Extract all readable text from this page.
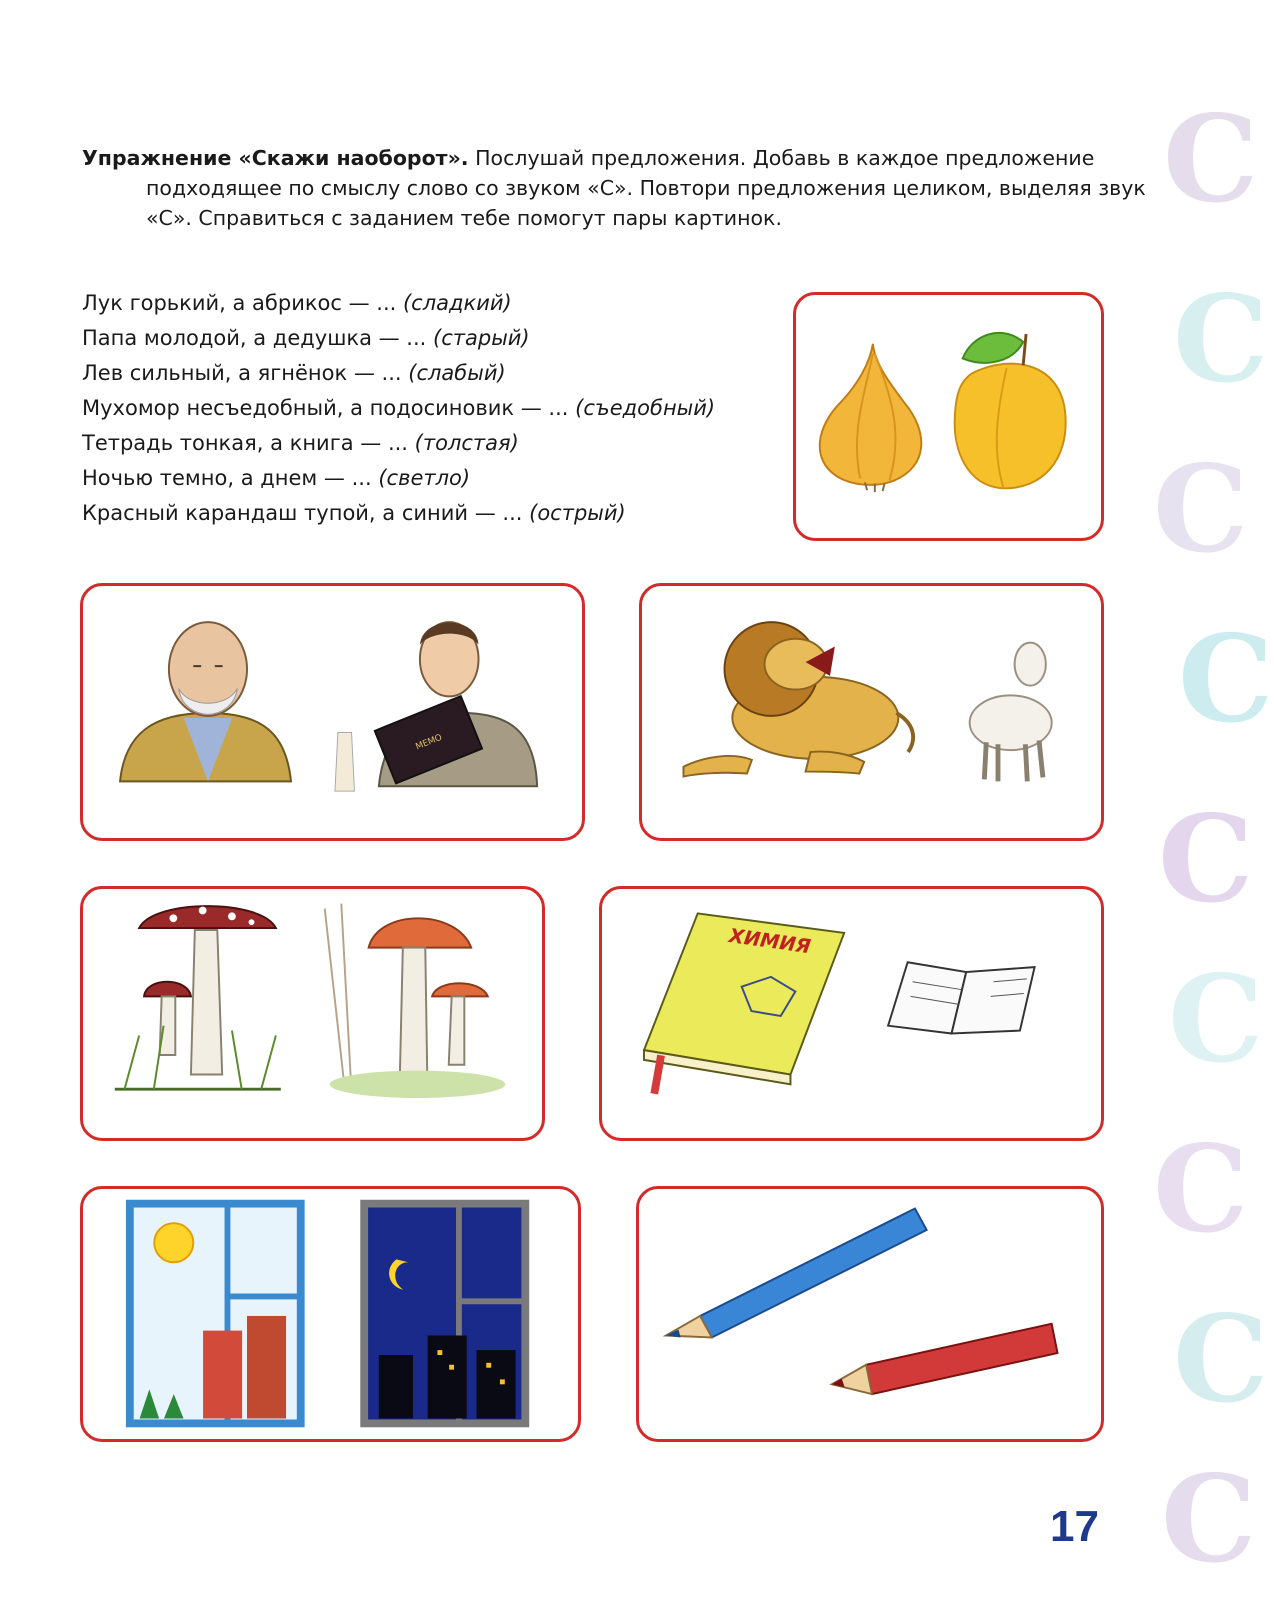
С
С
С
С
С
С
С
С
С
Упражнение «Скажи наоборот». Послушай предложения. Добавь в каждое предложение подходящее по смыслу слово со звуком «С». Повтори предложения целиком, выделяя звук «С». Справиться с заданием тебе помогут пары картинок.
Лук горький, а абрикос — ... (сладкий)
Папа молодой, а дедушка — ... (старый)
Лев сильный, а ягнёнок — ... (слабый)
Мухомор несъедобный, а подосиновик — ... (съедобный)
Тетрадь тонкая, а книга — ... (толстая)
Ночью темно, а днем — ... (светло)
Красный карандаш тупой, а синий — ... (острый)
МЕМО
ХИМИЯ
17
